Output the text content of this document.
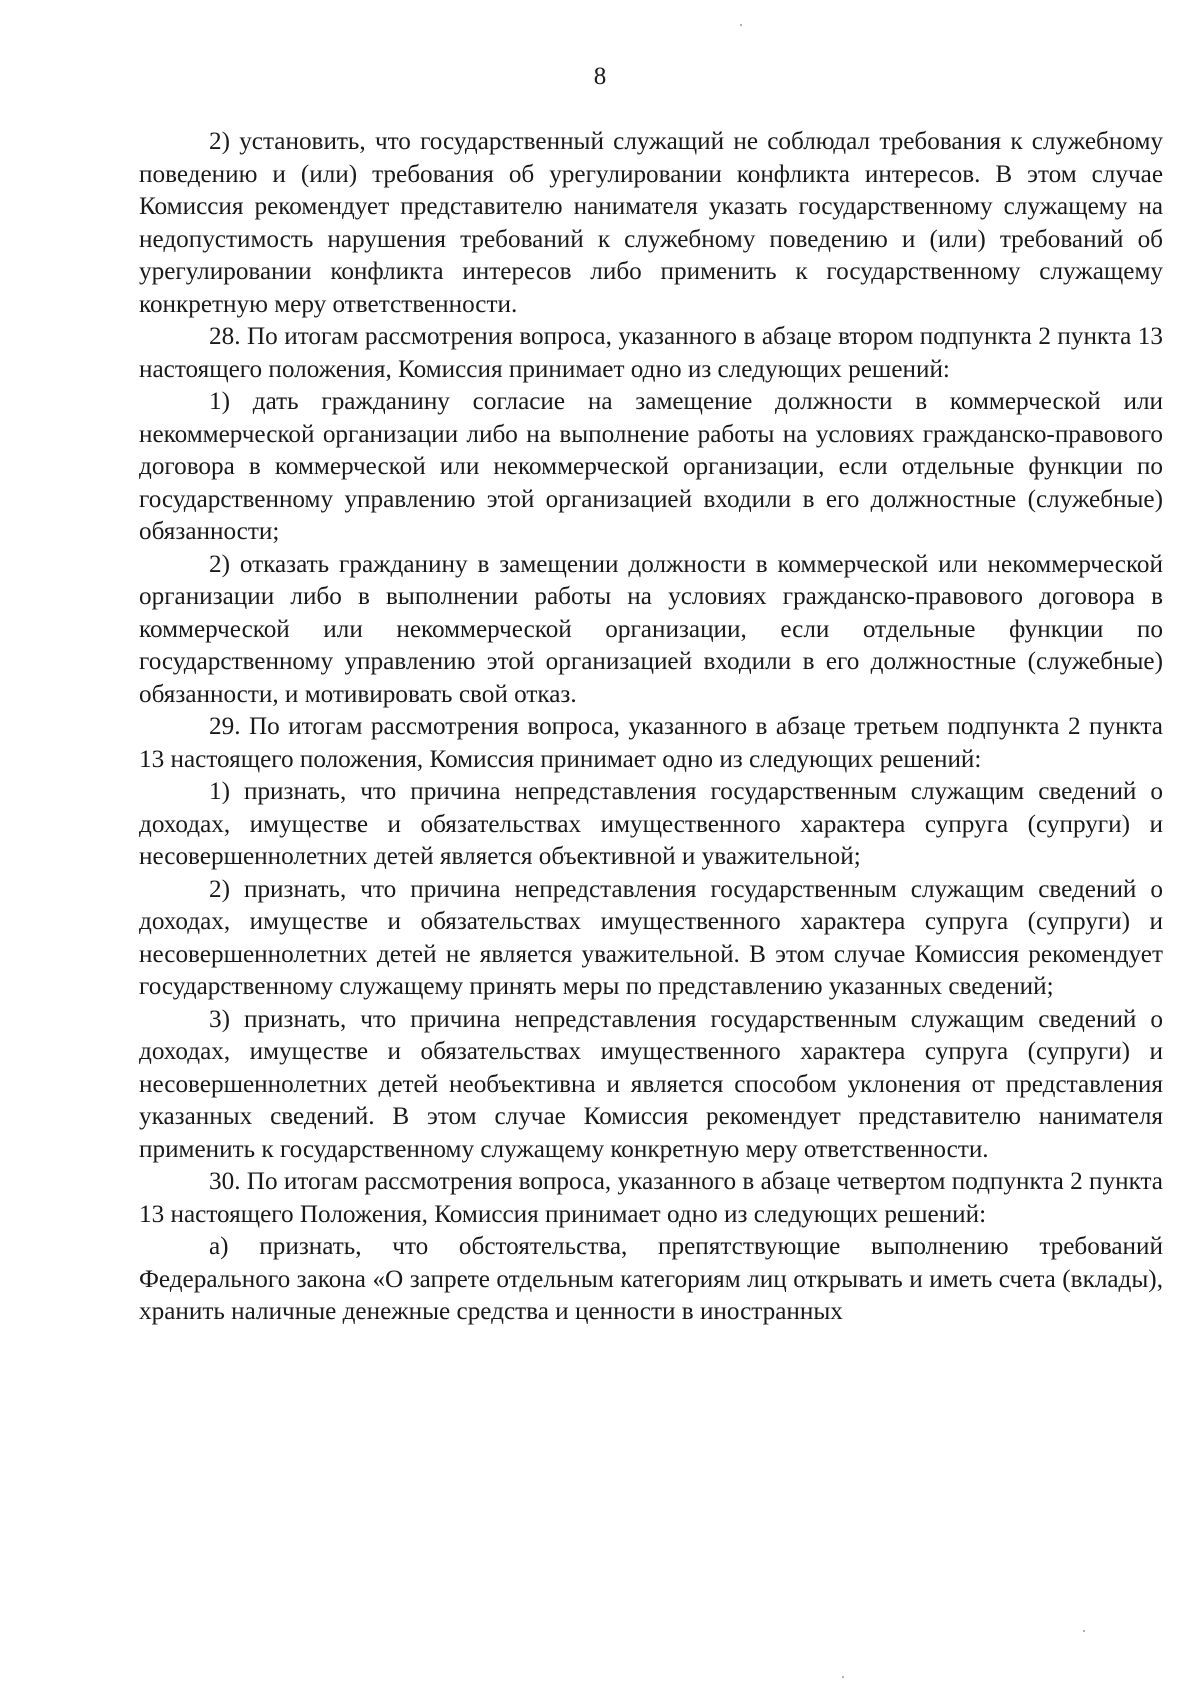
8

2) установить, что государственный служащий не соблюдал требования к служебному поведению и (или) требования об урегулировании конфликта интересов. В этом случае Комиссия рекомендует представителю нанимателя указать государственному служащему на недопустимость нарушения требований к служебному поведению и (или) требований об урегулировании конфликта интересов либо применить к государственному служащему конкретную меру ответственности.

28. По итогам рассмотрения вопроса, указанного в абзаце втором подпункта 2 пункта 13 настоящего положения, Комиссия принимает одно из следующих решений:

1) дать гражданину согласие на замещение должности в коммерческой или некоммерческой организации либо на выполнение работы на условиях гражданско-правового договора в коммерческой или некоммерческой организации, если отдельные функции по государственному управлению этой организацией входили в его должностные (служебные) обязанности;

2) отказать гражданину в замещении должности в коммерческой или некоммерческой организации либо в выполнении работы на условиях гражданско-правового договора в коммерческой или некоммерческой организации, если отдельные функции по государственному управлению этой организацией входили в его должностные (служебные) обязанности, и мотивировать свой отказ.

29. По итогам рассмотрения вопроса, указанного в абзаце третьем подпункта 2 пункта 13 настоящего положения, Комиссия принимает одно из следующих решений:

1) признать, что причина непредставления государственным служащим сведений о доходах, имуществе и обязательствах имущественного характера супруга (супруги) и несовершеннолетних детей является объективной и уважительной;

2) признать, что причина непредставления государственным служащим сведений о доходах, имуществе и обязательствах имущественного характера супруга (супруги) и несовершеннолетних детей не является уважительной. В этом случае Комиссия рекомендует государственному служащему принять меры по представлению указанных сведений;

3) признать, что причина непредставления государственным служащим сведений о доходах, имуществе и обязательствах имущественного характера супруга (супруги) и несовершеннолетних детей необъективна и является способом уклонения от представления указанных сведений. В этом случае Комиссия рекомендует представителю нанимателя применить к государственному служащему конкретную меру ответственности.

30. По итогам рассмотрения вопроса, указанного в абзаце четвертом подпункта 2 пункта 13 настоящего Положения, Комиссия принимает одно из следующих решений:

а) признать, что обстоятельства, препятствующие выполнению требований Федерального закона «О запрете отдельным категориям лиц открывать и иметь счета (вклады), хранить наличные денежные средства и ценности в иностранных
